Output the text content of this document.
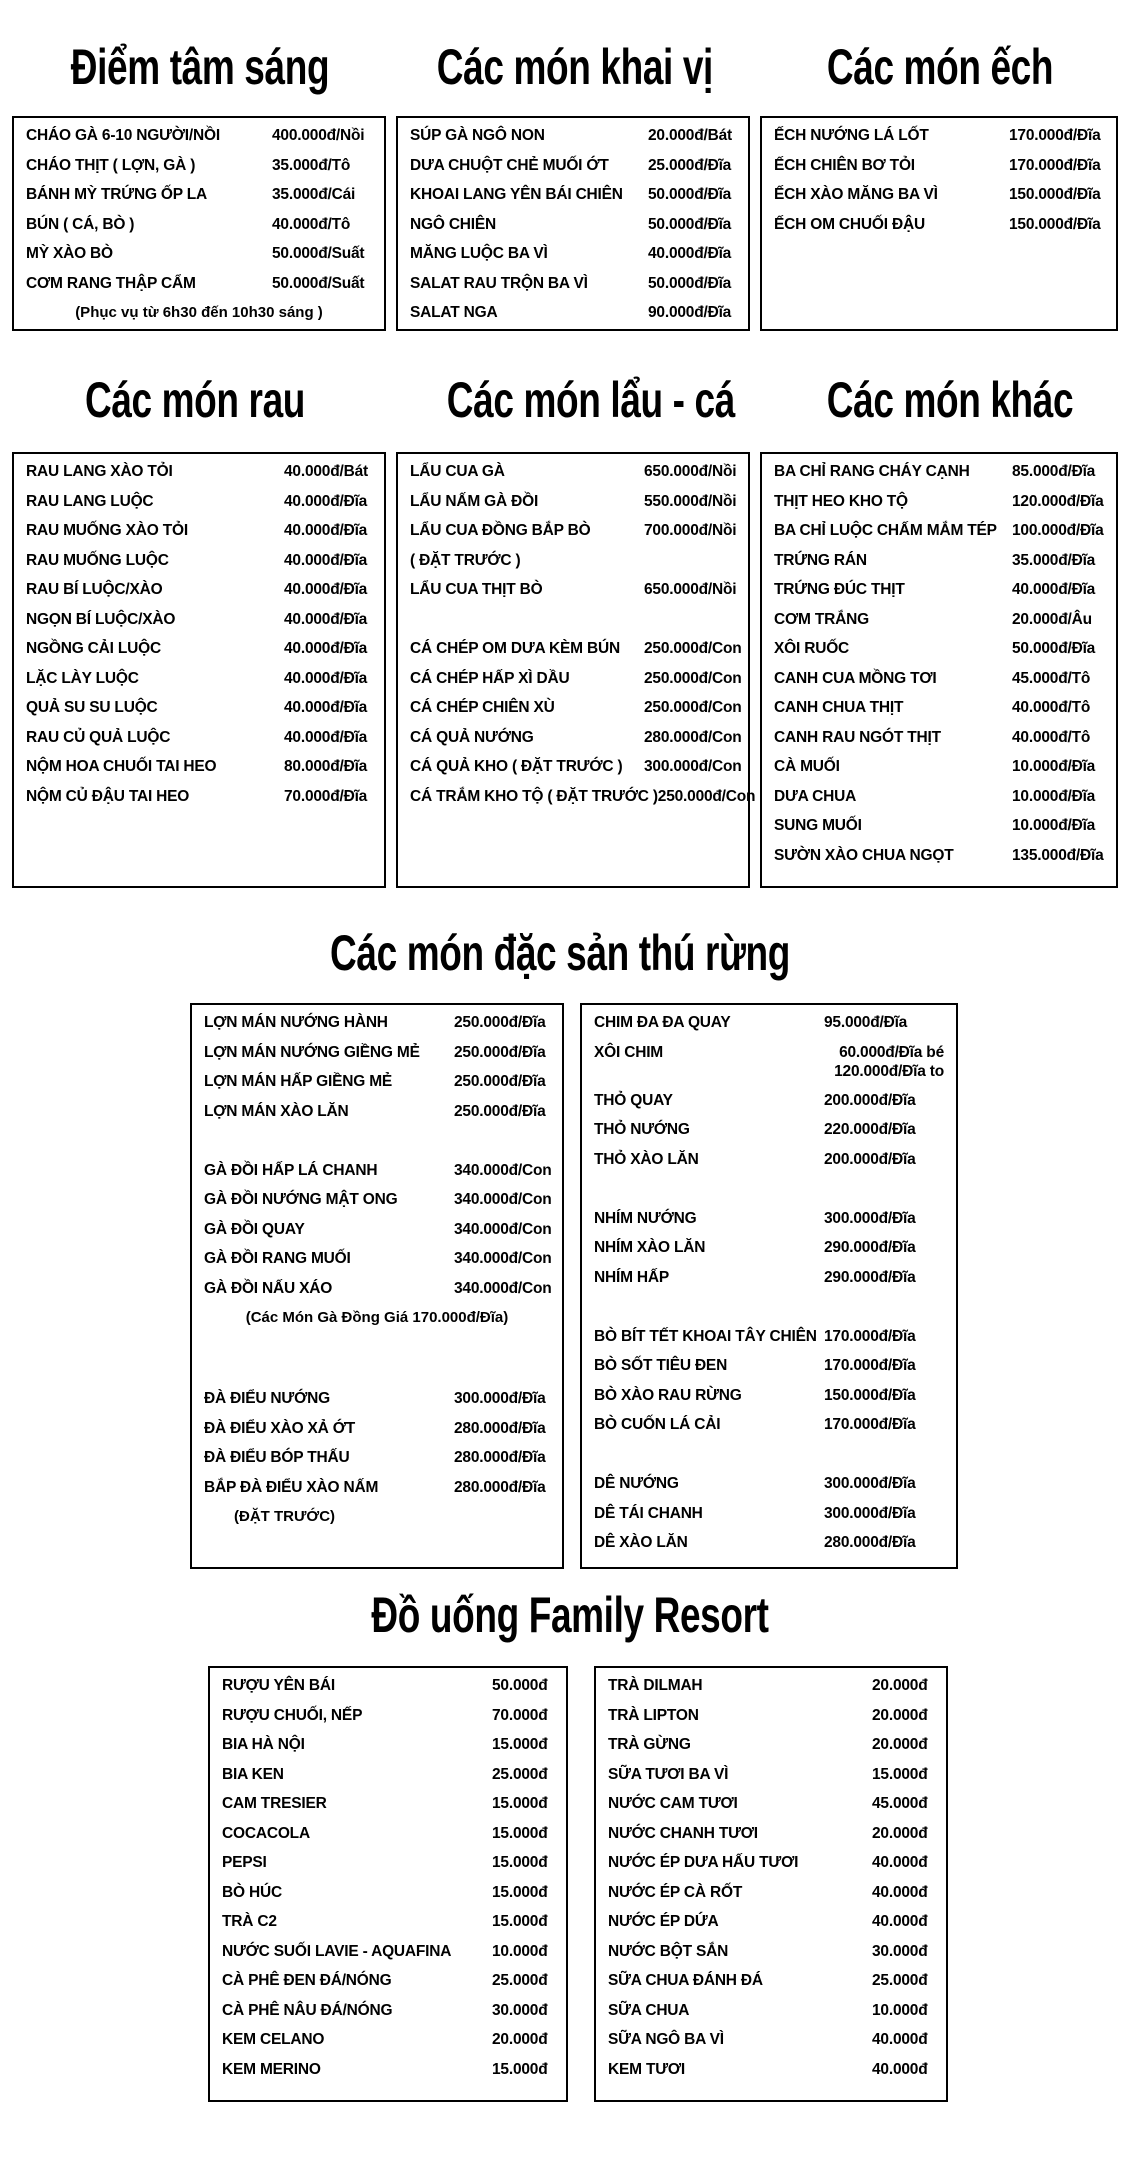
Điểm tâm sáng Các món khai vị	Các món ếch
Các món rau	Các món lẩu - cá Các món khác
Các món đặc sản thú rừng
Đồ uống Family Resort
CHÁO GÀ 6-10 NGƯỜI/NỒI	400.000đ/Nồi
CHÁO THỊT ( LỢN, GÀ )	35.000đ/Tô
BÁNH MỲ TRỨNG ỐP LA	35.000đ/Cái
BÚN ( CÁ, BÒ )	40.000đ/Tô
MỲ XÀO BÒ	50.000đ/Suất
CƠM RANG THẬP CẨM	50.000đ/Suất
(Phục vụ từ 6h30 đến 10h30 sáng )
SÚP GÀ NGÔ NON	20.000đ/Bát
DƯA CHUỘT CHẺ MUỐI ỚT	25.000đ/Đĩa
KHOAI LANG YÊN BÁI CHIÊN 50.000đ/Đĩa
NGÔ CHIÊN	50.000đ/Đĩa
MĂNG LUỘC BA VÌ	40.000đ/Đĩa
SALAT RAU TRỘN BA VÌ	50.000đ/Đĩa
SALAT NGA	90.000đ/Đĩa
ẾCH NƯỚNG LÁ LỐT	170.000đ/Đĩa
ẾCH CHIÊN BƠ TỎI	170.000đ/Đĩa
ẾCH XÀO MĂNG BA VÌ	150.000đ/Đĩa
ẾCH OM CHUỐI ĐẬU	150.000đ/Đĩa
RAU LANG XÀO TỎI	40.000đ/Bát
RAU LANG LUỘC	40.000đ/Đĩa
RAU MUỐNG XÀO TỎI	40.000đ/Đĩa
RAU MUỐNG LUỘC	40.000đ/Đĩa
RAU BÍ LUỘC/XÀO	40.000đ/Đĩa
NGỌN BÍ LUỘC/XÀO	40.000đ/Đĩa
NGỒNG CẢI LUỘC	40.000đ/Đĩa
LẶC LÀY LUỘC	40.000đ/Đĩa
QUẢ SU SU LUỘC	40.000đ/Đĩa
RAU CỦ QUẢ LUỘC	40.000đ/Đĩa
NỘM HOA CHUỐI TAI HEO	80.000đ/Đĩa
NỘM CỦ ĐẬU TAI HEO	70.000đ/Đĩa
LẨU CUA GÀ	650.000đ/Nồi
LẨU NẤM GÀ ĐỒI	550.000đ/Nồi
LẨU CUA ĐỒNG BẮP BÒ	700.000đ/Nồi
( ĐẶT TRƯỚC )
LẨU CUA THỊT BÒ	650.000đ/Nồi
CÁ CHÉP OM DƯA KÈM BÚN 250.000đ/Con
CÁ CHÉP HẤP XÌ DẦU	250.000đ/Con
CÁ CHÉP CHIÊN XÙ	250.000đ/Con
CÁ QUẢ NƯỚNG	280.000đ/Con
CÁ QUẢ KHO ( ĐẶT TRƯỚC ) 300.000đ/Con
CÁ TRẮM KHO TỘ ( ĐẶT TRƯỚC ) 250.000đ/Con
BA CHỈ RANG CHÁY CẠNH	85.000đ/Đĩa
THỊT HEO KHO TỘ	120.000đ/Đĩa
BA CHỈ LUỘC CHẤM MẮM TÉP 100.000đ/Đĩa
TRỨNG RÁN	35.000đ/Đĩa
TRỨNG ĐÚC THỊT	40.000đ/Đĩa
CƠM TRẮNG	20.000đ/Âu
XÔI RUỐC	50.000đ/Đĩa
CANH CUA MỒNG TƠI	45.000đ/Tô
CANH CHUA THỊT	40.000đ/Tô
CANH RAU NGÓT THỊT	40.000đ/Tô
CÀ MUỐI	10.000đ/Đĩa
DƯA CHUA	10.000đ/Đĩa
SUNG MUỐI	10.000đ/Đĩa
SƯỜN XÀO CHUA NGỌT	135.000đ/Đĩa
LỢN MÁN NƯỚNG HÀNH	250.000đ/Đĩa
LỢN MÁN NƯỚNG GIỀNG MẺ 250.000đ/Đĩa
LỢN MÁN HẤP GIỀNG MẺ	250.000đ/Đĩa
LỢN MÁN XÀO LĂN	250.000đ/Đĩa
GÀ ĐỒI HẤP LÁ CHANH	340.000đ/Con
GÀ ĐỒI NƯỚNG MẬT ONG	340.000đ/Con
GÀ ĐỒI QUAY	340.000đ/Con
GÀ ĐỒI RANG MUỐI	340.000đ/Con
GÀ ĐỒI NẤU XÁO	340.000đ/Con
(Các Món Gà Đồng Giá 170.000đ/Đĩa)
ĐÀ ĐIỂU NƯỚNG	300.000đ/Đĩa
ĐÀ ĐIỂU XÀO XẢ ỚT	280.000đ/Đĩa
ĐÀ ĐIỂU BÓP THẤU	280.000đ/Đĩa
BẮP ĐÀ ĐIỂU XÀO NẤM	280.000đ/Đĩa
(ĐẶT TRƯỚC)
CHIM ĐA ĐA QUAY	95.000đ/Đĩa
XÔI CHIM	60.000đ/Đĩa bé
120.000đ/Đĩa to
THỎ QUAY	200.000đ/Đĩa
THỎ NƯỚNG	220.000đ/Đĩa
THỎ XÀO LĂN	200.000đ/Đĩa
NHÍM NƯỚNG	300.000đ/Đĩa
NHÍM XÀO LĂN	290.000đ/Đĩa
NHÍM HẤP	290.000đ/Đĩa
BÒ BÍT TẾT KHOAI TÂY CHIÊN 170.000đ/Đĩa
BÒ SỐT TIÊU ĐEN	170.000đ/Đĩa
BÒ XÀO RAU RỪNG	150.000đ/Đĩa
BÒ CUỐN LÁ CẢI	170.000đ/Đĩa
DÊ NƯỚNG	300.000đ/Đĩa
DÊ TÁI CHANH	300.000đ/Đĩa
DÊ XÀO LĂN	280.000đ/Đĩa
RƯỢU YÊN BÁI	50.000đ
RƯỢU CHUỐI, NẾP	70.000đ
BIA HÀ NỘI	15.000đ
BIA KEN	25.000đ
CAM TRESIER	15.000đ
COCACOLA	15.000đ
PEPSI	15.000đ
BÒ HÚC	15.000đ
TRÀ C2	15.000đ
NƯỚC SUỐI LAVIE - AQUAFINA	10.000đ
CÀ PHÊ ĐEN ĐÁ/NÓNG	25.000đ
CÀ PHÊ NÂU ĐÁ/NÓNG	30.000đ
KEM CELANO	20.000đ
KEM MERINO	15.000đ
TRÀ DILMAH	20.000đ
TRÀ LIPTON	20.000đ
TRÀ GỪNG	20.000đ
SỮA TƯƠI BA VÌ	15.000đ
NƯỚC CAM TƯƠI	45.000đ
NƯỚC CHANH TƯƠI	20.000đ
NƯỚC ÉP DƯA HẤU TƯƠI	40.000đ
NƯỚC ÉP CÀ RỐT	40.000đ
NƯỚC ÉP DỨA	40.000đ
NƯỚC BỘT SẮN	30.000đ
SỮA CHUA ĐÁNH ĐÁ	25.000đ
SỮA CHUA	10.000đ
SỮA NGÔ BA VÌ	40.000đ
KEM TƯƠI	40.000đ
